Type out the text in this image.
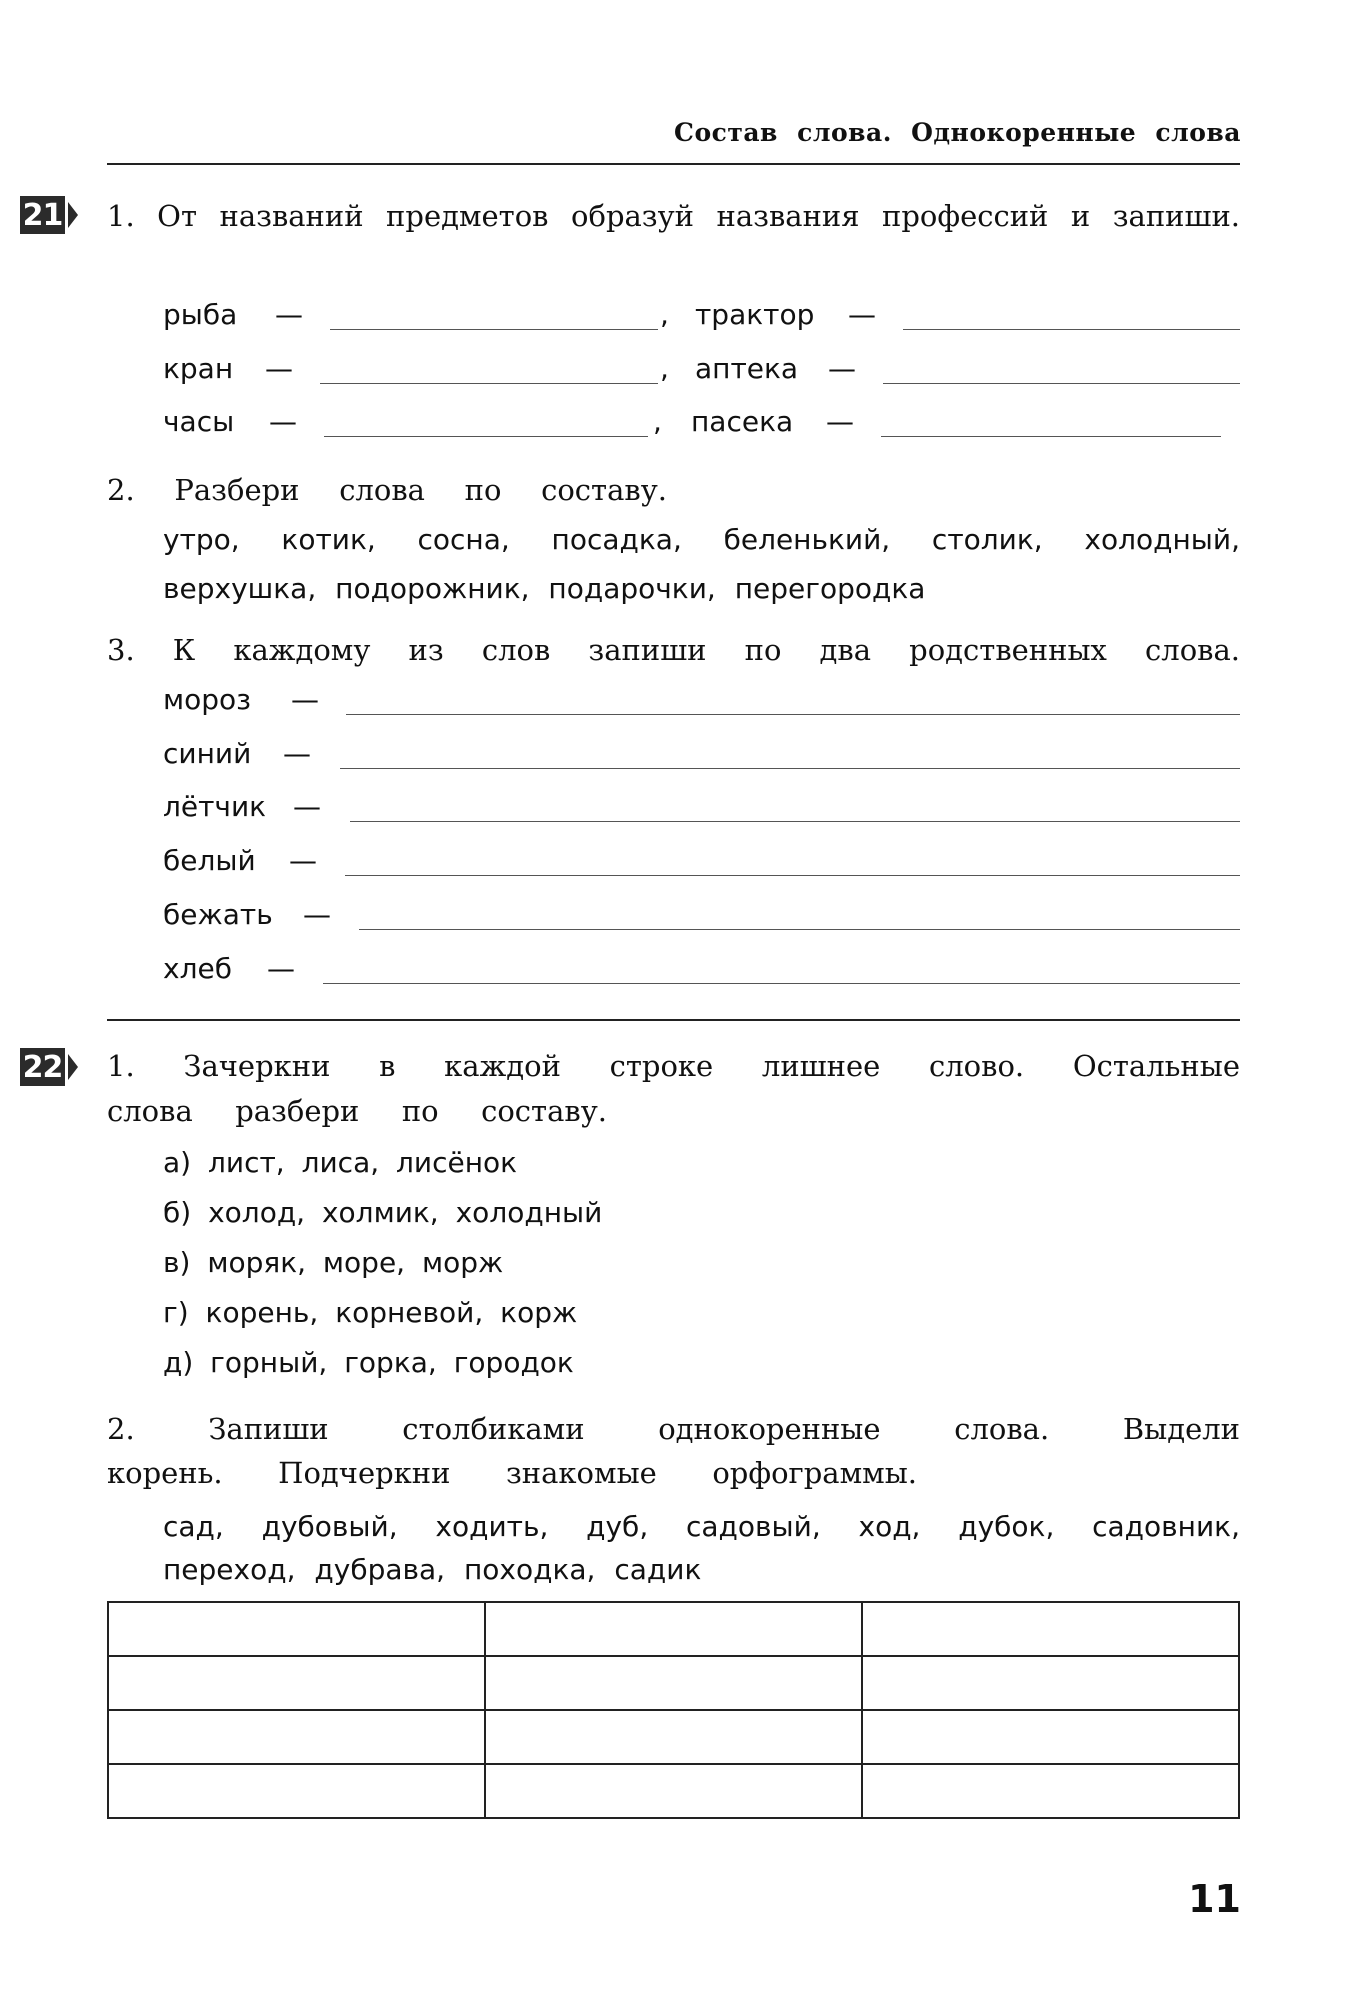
Состав слова. Однокоренные слова
21 1. От названий предметов образуй названия профессий и запиши.
рыба —	, трактор —
кран —	, аптека —
часы —	, пасека —
2. Разбери слова по составу.
утро, котик, сосна, посадка, беленький, столик, холодный,
верхушка, подорожник, подарочки, перегородка
3. К каждому из слов запиши по два родственных слова.
мороз —
синий —
лётчик —
белый —
бежать —
хлеб —
22 1. Зачеркни в каждой строке лишнее слово. Остальные
слова разбери по составу.
а) лист, лиса, лисёнок
б) холод, холмик, холодный
в) моряк, море, морж
г) корень, корневой, корж
д) горный, горка, городок
2. Запиши столбиками однокоренные слова. Выдели
корень. Подчеркни знакомые орфограммы.
сад, дубовый, ходить, дуб, садовый, ход, дубок, садовник,
переход, дубрава, походка, садик

11
